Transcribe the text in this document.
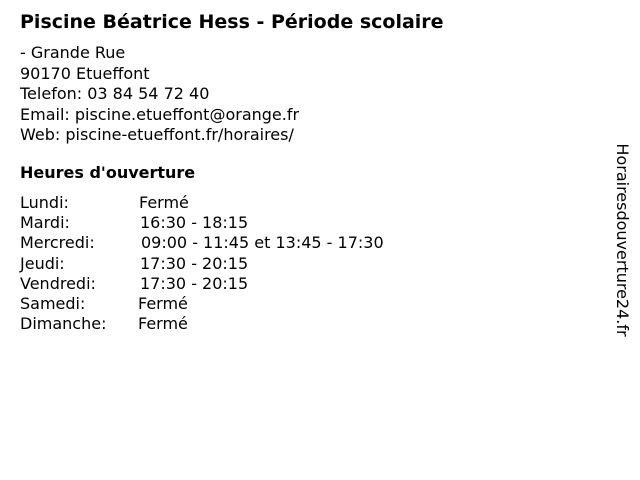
Piscine Béatrice Hess - Période scolaire
- Grande Rue
90170 Etueffont
Telefon: 03 84 54 72 40
Email: piscine.etueffont@orange.fr
Web: piscine-etueffont.fr/horaires/
Heures d'ouverture
Lundi:	Fermé
Mardi:	16:30 - 18:15
Mercredi:	09:00 - 11:45 et 13:45 - 17:30
Jeudi:	17:30 - 20:15
Vendredi:	17:30 - 20:15
Samedi:	Fermé
Dimanche: Fermé	Horairesdouverture24.fr
